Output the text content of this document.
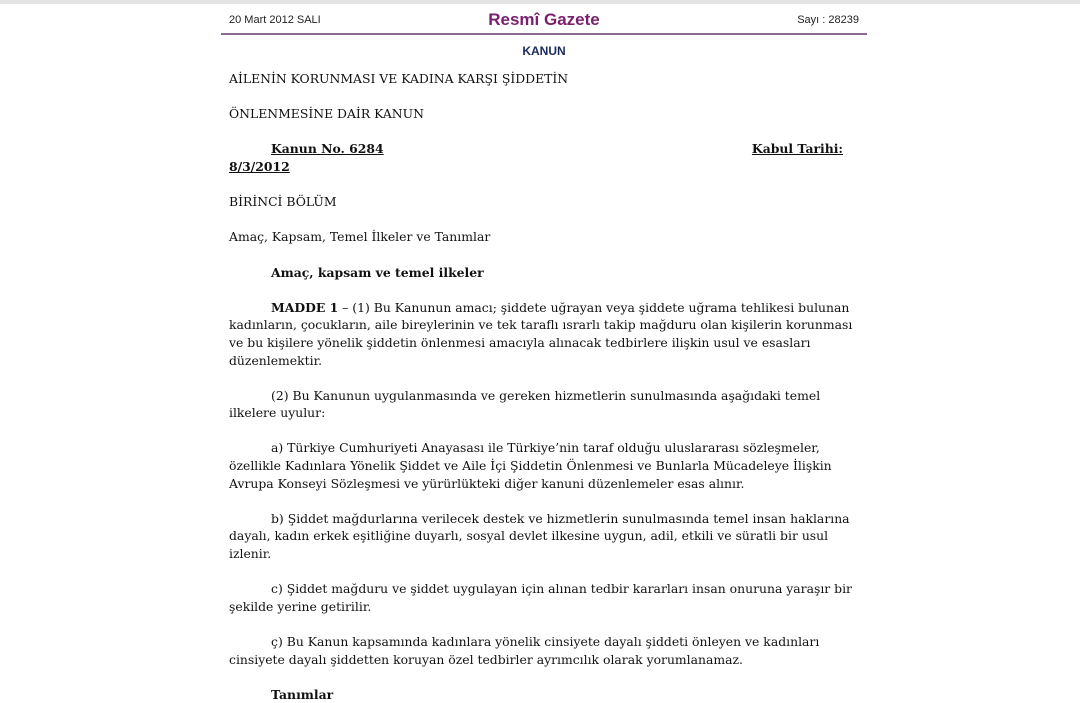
20 Mart 2012 SALI	Resmî Gazete	Sayı : 28239
KANUN

AİLENİN KORUNMASI VE KADINA KARŞI ŞİDDETİN

ÖNLENMESİNE DAİR KANUN

Kanun No. 6284	Kabul Tarihi:

8/3/2012

BİRİNCİ BÖLÜM

Amaç, Kapsam, Temel İlkeler ve Tanımlar

Amaç, kapsam ve temel ilkeler

MADDE 1 – (1) Bu Kanunun amacı; şiddete uğrayan veya şiddete uğrama tehlikesi bulunan kadınların, çocukların, aile bireylerinin ve tek taraflı ısrarlı takip mağduru olan kişilerin korunması ve bu kişilere yönelik şiddetin önlenmesi amacıyla alınacak tedbirlere ilişkin usul ve esasları düzenlemektir.

(2) Bu Kanunun uygulanmasında ve gereken hizmetlerin sunulmasında aşağıdaki temel ilkelere uyulur:

a) Türkiye Cumhuriyeti Anayasası ile Türkiye’nin taraf olduğu uluslararası sözleşmeler, özellikle Kadınlara Yönelik Şiddet ve Aile İçi Şiddetin Önlenmesi ve Bunlarla Mücadeleye İlişkin Avrupa Konseyi Sözleşmesi ve yürürlükteki diğer kanuni düzenlemeler esas alınır.

b) Şiddet mağdurlarına verilecek destek ve hizmetlerin sunulmasında temel insan haklarına dayalı, kadın erkek eşitliğine duyarlı, sosyal devlet ilkesine uygun, adil, etkili ve süratli bir usul izlenir.

c) Şiddet mağduru ve şiddet uygulayan için alınan tedbir kararları insan onuruna yaraşır bir şekilde yerine getirilir.

ç) Bu Kanun kapsamında kadınlara yönelik cinsiyete dayalı şiddeti önleyen ve kadınları cinsiyete dayalı şiddetten koruyan özel tedbirler ayrımcılık olarak yorumlanamaz.

Tanımlar
